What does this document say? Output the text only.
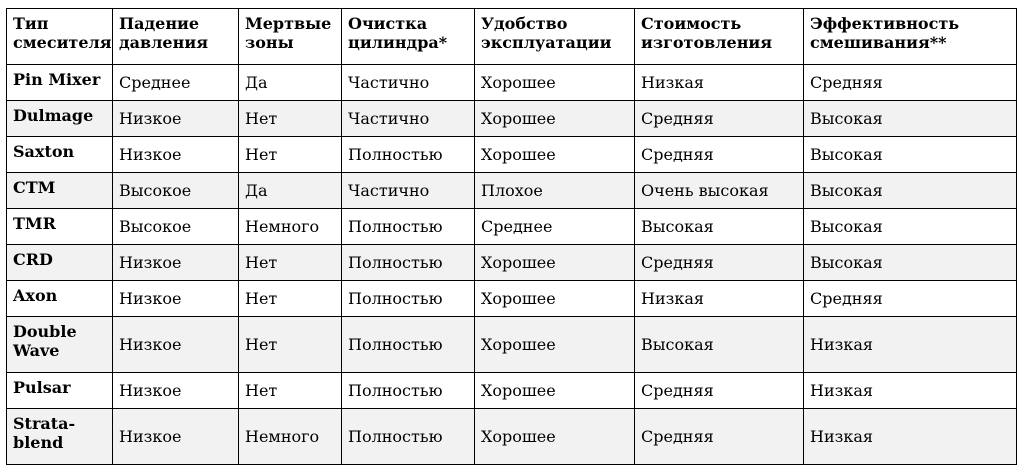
Тип смесителя	Падение давления	Мертвые зоны	Очистка цилиндра*	Удобство эксплуатации	Стоимость изготовления	Эффективность смешивания**
Pin Mixer	Среднее	Да	Частично	Хорошее	Низкая	Средняя
Dulmage	Низкое	Нет	Частично	Хорошее	Средняя	Высокая
Saxton	Низкое	Нет	Полностью	Хорошее	Средняя	Высокая
CTM	Высокое	Да	Частично	Плохое	Очень высокая	Высокая
TMR	Высокое	Немного	Полностью	Среднее	Высокая	Высокая
CRD	Низкое	Нет	Полностью	Хорошее	Средняя	Высокая
Axon	Низкое	Нет	Полностью	Хорошее	Низкая	Средняя
Double Wave	Низкое	Нет	Полностью	Хорошее	Высокая	Низкая
Pulsar	Низкое	Нет	Полностью	Хорошее	Средняя	Низкая
Strata-blend	Низкое	Немного	Полностью	Хорошее	Средняя	Низкая
